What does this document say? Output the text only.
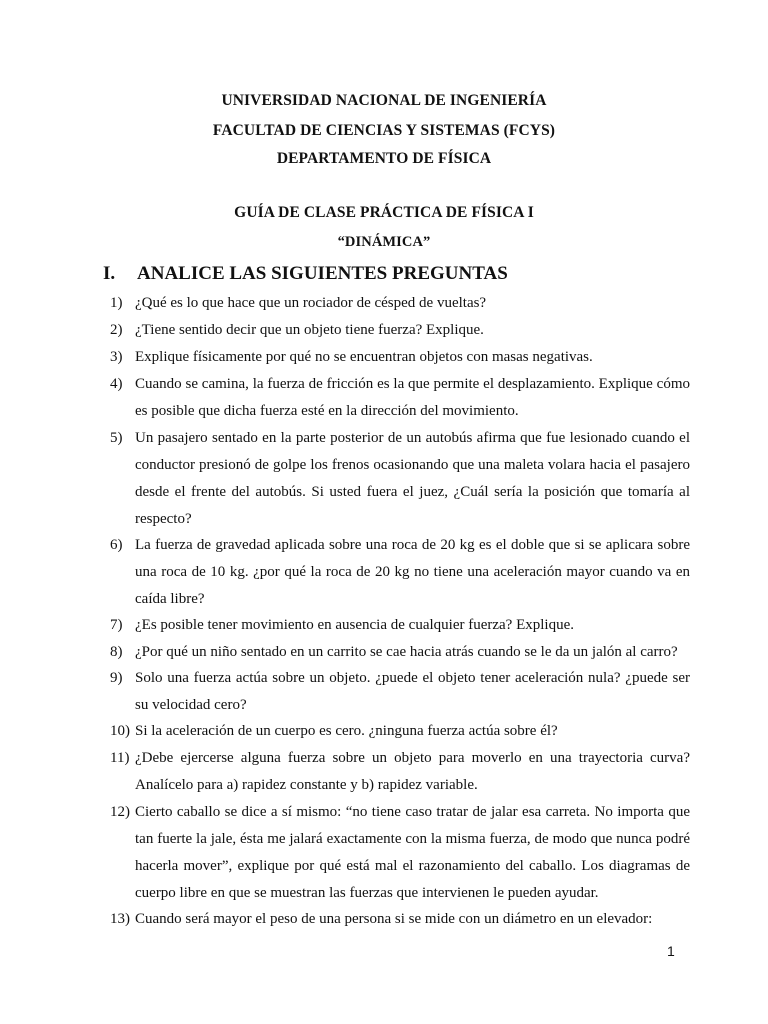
UNIVERSIDAD NACIONAL DE INGENIERÍA
FACULTAD DE CIENCIAS Y SISTEMAS (FCYS)
DEPARTAMENTO DE FÍSICA
GUÍA DE CLASE PRÁCTICA DE FÍSICA I
“DINÁMICA”
I. ANALICE LAS SIGUIENTES PREGUNTAS
1) ¿Qué es lo que hace que un rociador de césped de vueltas?
2) ¿Tiene sentido decir que un objeto tiene fuerza? Explique.
3) Explique físicamente por qué no se encuentran objetos con masas negativas.
4) Cuando se camina, la fuerza de fricción es la que permite el desplazamiento. Explique cómo es posible que dicha fuerza esté en la dirección del movimiento.
5) Un pasajero sentado en la parte posterior de un autobús afirma que fue lesionado cuando el conductor presionó de golpe los frenos ocasionando que una maleta volara hacia el pasajero desde el frente del autobús. Si usted fuera el juez, ¿Cuál sería la posición que tomaría al respecto?
6) La fuerza de gravedad aplicada sobre una roca de 20 kg es el doble que si se aplicara sobre una roca de 10 kg. ¿por qué la roca de 20 kg no tiene una aceleración mayor cuando va en caída libre?
7) ¿Es posible tener movimiento en ausencia de cualquier fuerza? Explique.
8) ¿Por qué un niño sentado en un carrito se cae hacia atrás cuando se le da un jalón al carro?
9) Solo una fuerza actúa sobre un objeto. ¿puede el objeto tener aceleración nula? ¿puede ser su velocidad cero?
10) Si la aceleración de un cuerpo es cero. ¿ninguna fuerza actúa sobre él?
11) ¿Debe ejercerse alguna fuerza sobre un objeto para moverlo en una trayectoria curva? Analícelo para a) rapidez constante y b) rapidez variable.
12) Cierto caballo se dice a sí mismo: “no tiene caso tratar de jalar esa carreta. No importa que tan fuerte la jale, ésta me jalará exactamente con la misma fuerza, de modo que nunca podré hacerla mover”, explique por qué está mal el razonamiento del caballo. Los diagramas de cuerpo libre en que se muestran las fuerzas que intervienen le pueden ayudar.
13) Cuando será mayor el peso de una persona si se mide con un diámetro en un elevador:
1
